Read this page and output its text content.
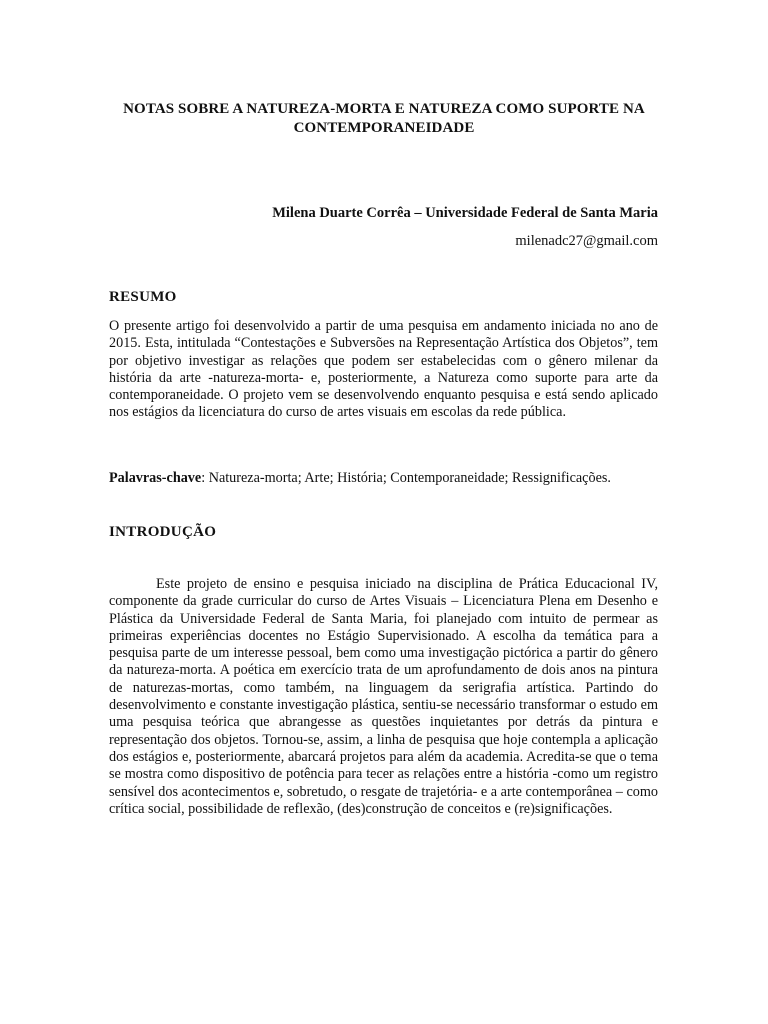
NOTAS SOBRE A NATUREZA-MORTA E NATUREZA COMO SUPORTE NA CONTEMPORANEIDADE

Milena Duarte Corrêa – Universidade Federal de Santa Maria

milenadc27@gmail.com

RESUMO

O presente artigo foi desenvolvido a partir de uma pesquisa em andamento iniciada no ano de 2015. Esta, intitulada “Contestações e Subversões na Representação Artística dos Objetos”, tem por objetivo investigar as relações que podem ser estabelecidas com o gênero milenar da história da arte -natureza-morta- e, posteriormente, a Natureza como suporte para arte da contemporaneidade. O projeto vem se desenvolvendo enquanto pesquisa e está sendo aplicado nos estágios da licenciatura do curso de artes visuais em escolas da rede pública.

Palavras-chave: Natureza-morta; Arte; História; Contemporaneidade; Ressignificações.

INTRODUÇÃO

Este projeto de ensino e pesquisa iniciado na disciplina de Prática Educacional IV, componente da grade curricular do curso de Artes Visuais – Licenciatura Plena em Desenho e Plástica da Universidade Federal de Santa Maria, foi planejado com intuito de permear as primeiras experiências docentes no Estágio Supervisionado. A escolha da temática para a pesquisa parte de um interesse pessoal, bem como uma investigação pictórica a partir do gênero da natureza-morta. A poética em exercício trata de um aprofundamento de dois anos na pintura de naturezas-mortas, como também, na linguagem da serigrafia artística. Partindo do desenvolvimento e constante investigação plástica, sentiu-se necessário transformar o estudo em uma pesquisa teórica que abrangesse as questões inquietantes por detrás da pintura e representação dos objetos. Tornou-se, assim, a linha de pesquisa que hoje contempla a aplicação dos estágios e, posteriormente, abarcará projetos para além da academia. Acredita-se que o tema se mostra como dispositivo de potência para tecer as relações entre a história -como um registro sensível dos acontecimentos e, sobretudo, o resgate de trajetória- e a arte contemporânea – como crítica social, possibilidade de reflexão, (des)construção de conceitos e (re)significações.
